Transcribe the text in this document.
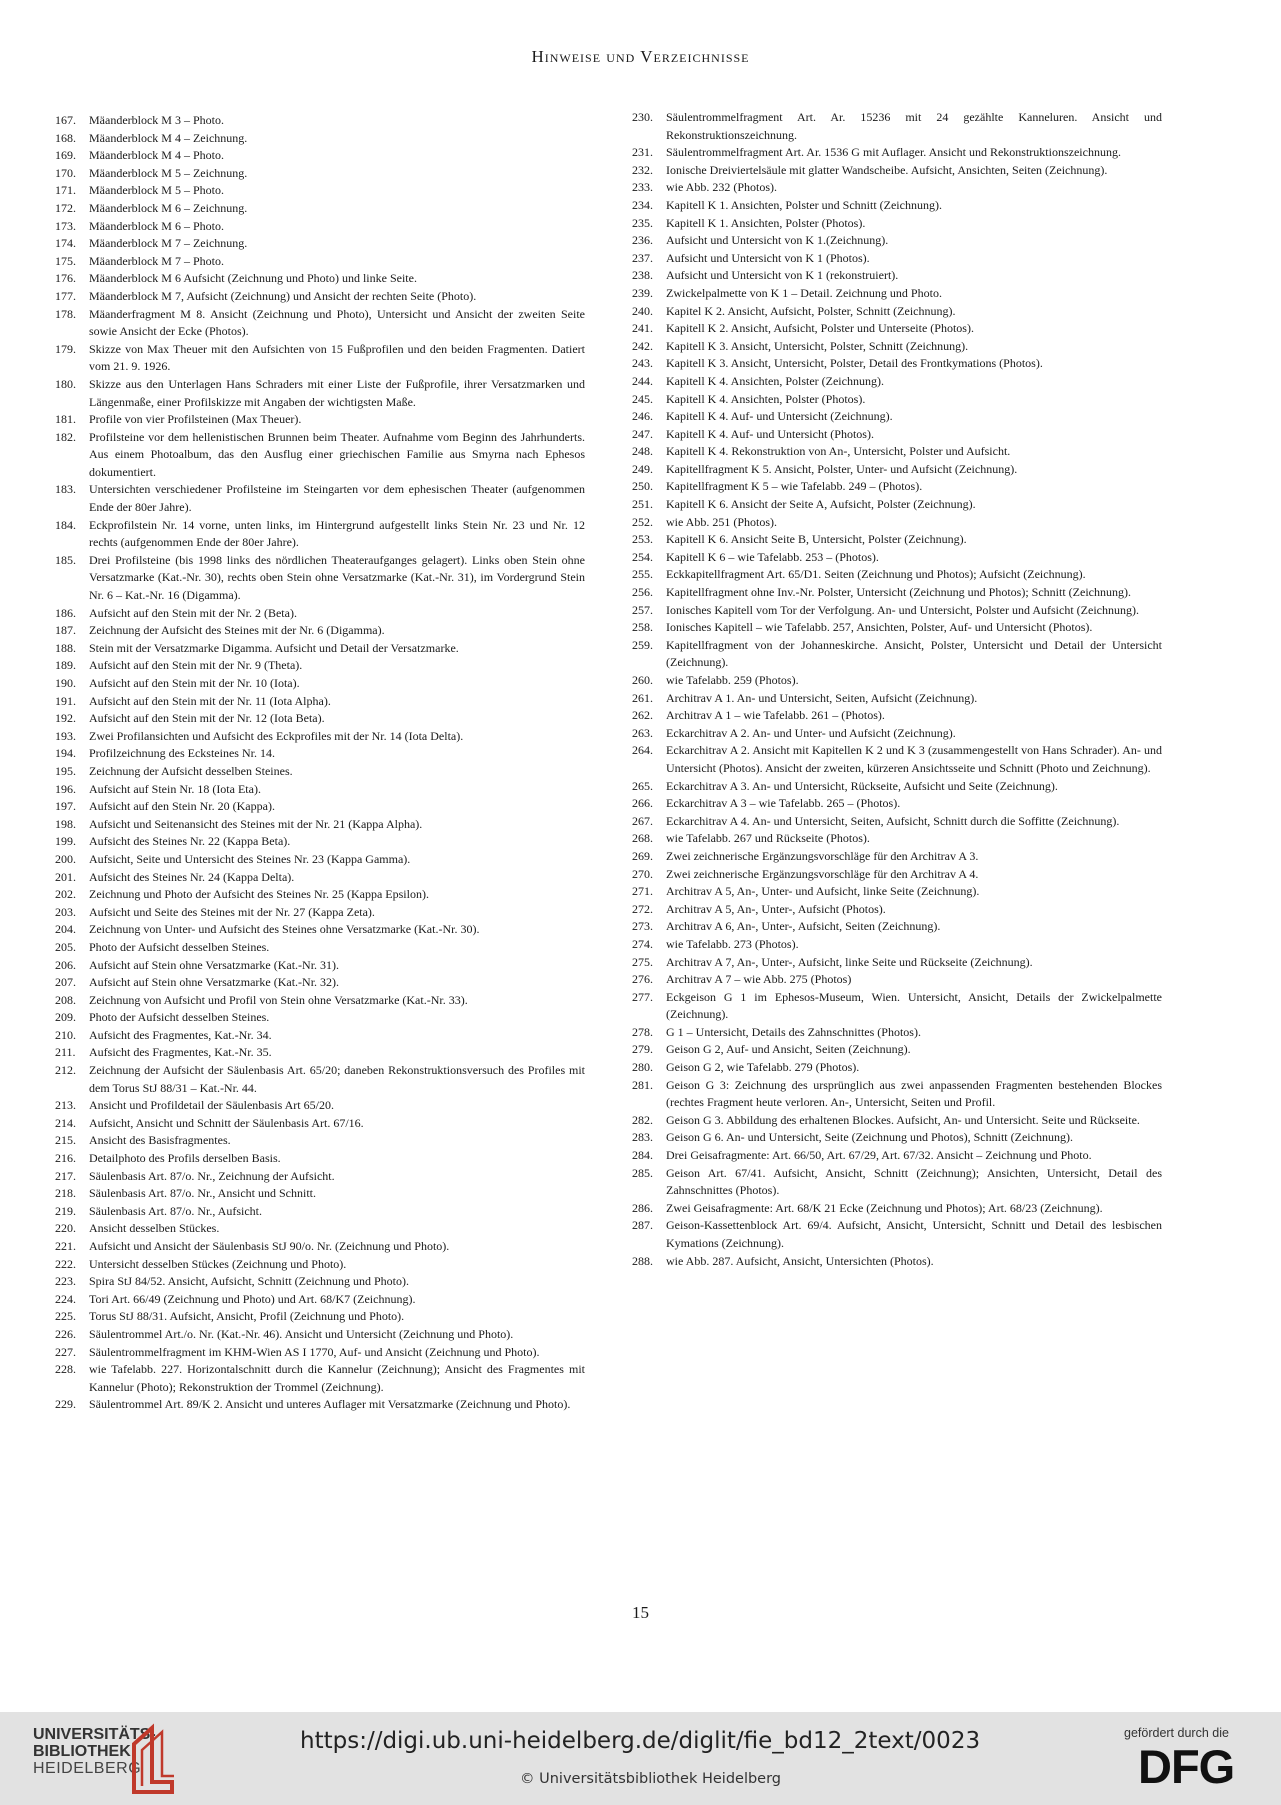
Hinweise und Verzeichnisse
167.	Mäanderblock M 3 – Photo.
168.	Mäanderblock M 4 – Zeichnung.
169.	Mäanderblock M 4 – Photo.
170.	Mäanderblock M 5 – Zeichnung.
171.	Mäanderblock M 5 – Photo.
172.	Mäanderblock M 6 – Zeichnung.
173.	Mäanderblock M 6 – Photo.
174.	Mäanderblock M 7 – Zeichnung.
175.	Mäanderblock M 7 – Photo.
176.	Mäanderblock M 6 Aufsicht (Zeichnung und Photo) und linke Seite.
177.	Mäanderblock M 7, Aufsicht (Zeichnung) und Ansicht der rechten Seite (Photo).
178.	Mäanderfragment M 8. Ansicht (Zeichnung und Photo), Untersicht und Ansicht der zweiten Seite sowie Ansicht der Ecke (Photos).
179.	Skizze von Max Theuer mit den Aufsichten von 15 Fußprofilen und den beiden Fragmenten. Datiert vom 21. 9. 1926.
180.	Skizze aus den Unterlagen Hans Schraders mit einer Liste der Fußprofile, ihrer Versatzmarken und Längenmaße, einer Profilskizze mit Angaben der wichtigsten Maße.
181.	Profile von vier Profilsteinen (Max Theuer).
182.	Profilsteine vor dem hellenistischen Brunnen beim Theater. Aufnahme vom Beginn des Jahrhunderts. Aus einem Photoalbum, das den Ausflug einer griechischen Familie aus Smyrna nach Ephesos dokumentiert.
183.	Untersichten verschiedener Profilsteine im Steingarten vor dem ephesischen Theater (aufgenommen Ende der 80er Jahre).
184.	Eckprofilstein Nr. 14 vorne, unten links, im Hintergrund aufgestellt links Stein Nr. 23 und Nr. 12 rechts (aufgenommen Ende der 80er Jahre).
185.	Drei Profilsteine (bis 1998 links des nördlichen Theateraufganges gelagert). Links oben Stein ohne Versatzmarke (Kat.-Nr. 30), rechts oben Stein ohne Versatzmarke (Kat.-Nr. 31), im Vordergrund Stein Nr. 6 – Kat.-Nr. 16 (Digamma).
186.	Aufsicht auf den Stein mit der Nr. 2 (Beta).
187.	Zeichnung der Aufsicht des Steines mit der Nr. 6 (Digamma).
188.	Stein mit der Versatzmarke Digamma. Aufsicht und Detail der Versatzmarke.
189.	Aufsicht auf den Stein mit der Nr. 9 (Theta).
190.	Aufsicht auf den Stein mit der Nr. 10 (Iota).
191.	Aufsicht auf den Stein mit der Nr. 11 (Iota Alpha).
192.	Aufsicht auf den Stein mit der Nr. 12 (Iota Beta).
193.	Zwei Profilansichten und Aufsicht des Eckprofiles mit der Nr. 14 (Iota Delta).
194.	Profilzeichnung des Ecksteines Nr. 14.
195.	Zeichnung der Aufsicht desselben Steines.
196.	Aufsicht auf Stein Nr. 18 (Iota Eta).
197.	Aufsicht auf den Stein Nr. 20 (Kappa).
198.	Aufsicht und Seitenansicht des Steines mit der Nr. 21 (Kappa Alpha).
199.	Aufsicht des Steines Nr. 22 (Kappa Beta).
200.	Aufsicht, Seite und Untersicht des Steines Nr. 23 (Kappa Gamma).
201.	Aufsicht des Steines Nr. 24 (Kappa Delta).
202.	Zeichnung und Photo der Aufsicht des Steines Nr. 25 (Kappa Epsilon).
203.	Aufsicht und Seite des Steines mit der Nr. 27 (Kappa Zeta).
204.	Zeichnung von Unter- und Aufsicht des Steines ohne Versatzmarke (Kat.-Nr. 30).
205.	Photo der Aufsicht desselben Steines.
206.	Aufsicht auf Stein ohne Versatzmarke (Kat.-Nr. 31).
207.	Aufsicht auf Stein ohne Versatzmarke (Kat.-Nr. 32).
208.	Zeichnung von Aufsicht und Profil von Stein ohne Versatzmarke (Kat.-Nr. 33).
209.	Photo der Aufsicht desselben Steines.
210.	Aufsicht des Fragmentes, Kat.-Nr. 34.
211.	Aufsicht des Fragmentes, Kat.-Nr. 35.
212.	Zeichnung der Aufsicht der Säulenbasis Art. 65/20; daneben Rekonstruktionsversuch des Profiles mit dem Torus StJ 88/31 – Kat.-Nr. 44.
213.	Ansicht und Profildetail der Säulenbasis Art 65/20.
214.	Aufsicht, Ansicht und Schnitt der Säulenbasis Art. 67/16.
215.	Ansicht des Basisfragmentes.
216.	Detailphoto des Profils derselben Basis.
217.	Säulenbasis Art. 87/o. Nr., Zeichnung der Aufsicht.
218.	Säulenbasis Art. 87/o. Nr., Ansicht und Schnitt.
219.	Säulenbasis Art. 87/o. Nr., Aufsicht.
220.	Ansicht desselben Stückes.
221.	Aufsicht und Ansicht der Säulenbasis StJ 90/o. Nr. (Zeichnung und Photo).
222.	Untersicht desselben Stückes (Zeichnung und Photo).
223.	Spira StJ 84/52. Ansicht, Aufsicht, Schnitt (Zeichnung und Photo).
224.	Tori Art. 66/49 (Zeichnung und Photo) und Art. 68/K7 (Zeichnung).
225.	Torus StJ 88/31. Aufsicht, Ansicht, Profil (Zeichnung und Photo).
226.	Säulentrommel Art./o. Nr. (Kat.-Nr. 46). Ansicht und Untersicht (Zeichnung und Photo).
227.	Säulentrommelfragment im KHM-Wien AS I 1770, Auf- und Ansicht (Zeichnung und Photo).
228.	wie Tafelabb. 227. Horizontalschnitt durch die Kannelur (Zeichnung); Ansicht des Fragmentes mit Kannelur (Photo); Rekonstruktion der Trommel (Zeichnung).
229.	Säulentrommel Art. 89/K 2. Ansicht und unteres Auflager mit Versatzmarke (Zeichnung und Photo).
230.	Säulentrommelfragment Art. Ar. 15236 mit 24 gezählte Kanneluren. Ansicht und Rekonstruktionszeichnung.
231.	Säulentrommelfragment Art. Ar. 1536 G mit Auflager. Ansicht und Rekonstruktionszeichnung.
232.	Ionische Dreiviertelsäule mit glatter Wandscheibe. Aufsicht, Ansichten, Seiten (Zeichnung).
233.	wie Abb. 232 (Photos).
234.	Kapitell K 1. Ansichten, Polster und Schnitt (Zeichnung).
235.	Kapitell K 1. Ansichten, Polster (Photos).
236.	Aufsicht und Untersicht von K 1.(Zeichnung).
237.	Aufsicht und Untersicht von K 1 (Photos).
238.	Aufsicht und Untersicht von K 1 (rekonstruiert).
239.	Zwickelpalmette von K 1 – Detail. Zeichnung und Photo.
240.	Kapitel K 2. Ansicht, Aufsicht, Polster, Schnitt (Zeichnung).
241.	Kapitell K 2. Ansicht, Aufsicht, Polster und Unterseite (Photos).
242.	Kapitell K 3. Ansicht, Untersicht, Polster, Schnitt (Zeichnung).
243.	Kapitell K 3. Ansicht, Untersicht, Polster, Detail des Frontkymations (Photos).
244.	Kapitell K 4. Ansichten, Polster (Zeichnung).
245.	Kapitell K 4. Ansichten, Polster (Photos).
246.	Kapitell K 4. Auf- und Untersicht (Zeichnung).
247.	Kapitell K 4. Auf- und Untersicht (Photos).
248.	Kapitell K 4. Rekonstruktion von An-, Untersicht, Polster und Aufsicht.
249.	Kapitellfragment K 5. Ansicht, Polster, Unter- und Aufsicht (Zeichnung).
250.	Kapitellfragment K 5 – wie Tafelabb. 249 – (Photos).
251.	Kapitell K 6. Ansicht der Seite A, Aufsicht, Polster (Zeichnung).
252.	wie Abb. 251 (Photos).
253.	Kapitell K 6. Ansicht Seite B, Untersicht, Polster (Zeichnung).
254.	Kapitell K 6 – wie Tafelabb. 253 – (Photos).
255.	Eckkapitellfragment Art. 65/D1. Seiten (Zeichnung und Photos); Aufsicht (Zeichnung).
256.	Kapitellfragment ohne Inv.-Nr. Polster, Untersicht (Zeichnung und Photos); Schnitt (Zeichnung).
257.	Ionisches Kapitell vom Tor der Verfolgung. An- und Untersicht, Polster und Aufsicht (Zeichnung).
258.	Ionisches Kapitell – wie Tafelabb. 257, Ansichten, Polster, Auf- und Untersicht (Photos).
259.	Kapitellfragment von der Johanneskirche. Ansicht, Polster, Untersicht und Detail der Untersicht (Zeichnung).
260.	wie Tafelabb. 259 (Photos).
261.	Architrav A 1. An- und Untersicht, Seiten, Aufsicht (Zeichnung).
262.	Architrav A 1 – wie Tafelabb. 261 – (Photos).
263.	Eckarchitrav A 2. An- und Unter- und Aufsicht (Zeichnung).
264.	Eckarchitrav A 2. Ansicht mit Kapitellen K 2 und K 3 (zusammengestellt von Hans Schrader). An- und Untersicht (Photos). Ansicht der zweiten, kürzeren Ansichtsseite und Schnitt (Photo und Zeichnung).
265.	Eckarchitrav A 3. An- und Untersicht, Rückseite, Aufsicht und Seite (Zeichnung).
266.	Eckarchitrav A 3 – wie Tafelabb. 265 – (Photos).
267.	Eckarchitrav A 4. An- und Untersicht, Seiten, Aufsicht, Schnitt durch die Soffitte (Zeichnung).
268.	wie Tafelabb. 267 und Rückseite (Photos).
269.	Zwei zeichnerische Ergänzungsvorschläge für den Architrav A 3.
270.	Zwei zeichnerische Ergänzungsvorschläge für den Architrav A 4.
271.	Architrav A 5, An-, Unter- und Aufsicht, linke Seite (Zeichnung).
272.	Architrav A 5, An-, Unter-, Aufsicht (Photos).
273.	Architrav A 6, An-, Unter-, Aufsicht, Seiten (Zeichnung).
274.	wie Tafelabb. 273 (Photos).
275.	Architrav A 7, An-, Unter-, Aufsicht, linke Seite und Rückseite (Zeichnung).
276.	Architrav A 7 – wie Abb. 275 (Photos)
277.	Eckgeison G 1 im Ephesos-Museum, Wien. Untersicht, Ansicht, Details der Zwickelpalmette (Zeichnung).
278.	G 1 – Untersicht, Details des Zahnschnittes (Photos).
279.	Geison G 2, Auf- und Ansicht, Seiten (Zeichnung).
280.	Geison G 2, wie Tafelabb. 279 (Photos).
281.	Geison G 3: Zeichnung des ursprünglich aus zwei anpassenden Fragmenten bestehenden Blockes (rechtes Fragment heute verloren. An-, Untersicht, Seiten und Profil.
282.	Geison G 3. Abbildung des erhaltenen Blockes. Aufsicht, An- und Untersicht. Seite und Rückseite.
283.	Geison G 6. An- und Untersicht, Seite (Zeichnung und Photos), Schnitt (Zeichnung).
284.	Drei Geisafragmente: Art. 66/50, Art. 67/29, Art. 67/32. Ansicht – Zeichnung und Photo.
285.	Geison Art. 67/41. Aufsicht, Ansicht, Schnitt (Zeichnung); Ansichten, Untersicht, Detail des Zahnschnittes (Photos).
286.	Zwei Geisafragmente: Art. 68/K 21 Ecke (Zeichnung und Photos); Art. 68/23 (Zeichnung).
287.	Geison-Kassettenblock Art. 69/4. Aufsicht, Ansicht, Untersicht, Schnitt und Detail des lesbischen Kymations (Zeichnung).
288.	wie Abb. 287. Aufsicht, Ansicht, Untersichten (Photos).
15
UNIVERSITÄTS-
BIBLIOTHEK
HEIDELBERG
https://digi.ub.uni-heidelberg.de/diglit/fie_bd12_2text/0023
© Universitätsbibliothek Heidelberg
gefördert durch die
DFG
